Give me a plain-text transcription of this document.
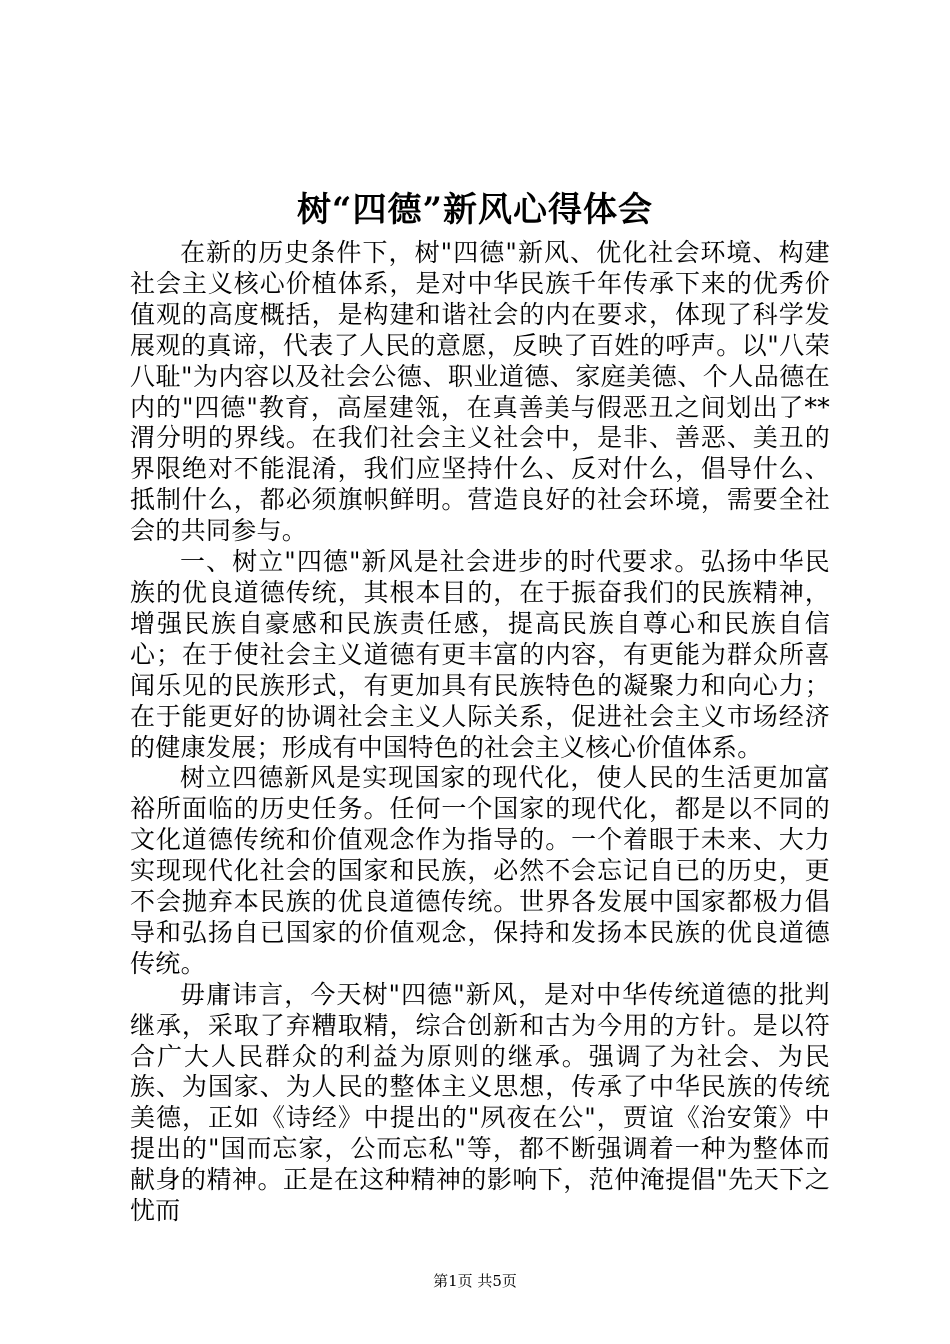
树“四德”新风心得体会

在新的历史条件下，树"四德"新风、优化社会环境、构建社会主义核心价植体系，是对中华民族千年传承下来的优秀价值观的高度概括，是构建和谐社会的内在要求，体现了科学发展观的真谛，代表了人民的意愿，反映了百姓的呼声。以"八荣八耻"为内容以及社会公德、职业道德、家庭美德、个人品德在内的"四德"教育，高屋建瓴，在真善美与假恶丑之间划出了**渭分明的界线。在我们社会主义社会中，是非、善恶、美丑的界限绝对不能混淆，我们应坚持什么、反对什么，倡导什么、抵制什么，都必须旗帜鲜明。营造良好的社会环境，需要全社会的共同参与。

一、树立"四德"新风是社会进步的时代要求。弘扬中华民族的优良道德传统，其根本目的，在于振奋我们的民族精神，增强民族自豪感和民族责任感，提高民族自尊心和民族自信心；在于使社会主义道德有更丰富的内容，有更能为群众所喜闻乐见的民族形式，有更加具有民族特色的凝聚力和向心力；在于能更好的协调社会主义人际关系，促进社会主义市场经济的健康发展；形成有中国特色的社会主义核心价值体系。

树立四德新风是实现国家的现代化，使人民的生活更加富裕所面临的历史任务。任何一个国家的现代化，都是以不同的文化道德传统和价值观念作为指导的。一个着眼于未来、大力实现现代化社会的国家和民族，必然不会忘记自已的历史，更不会抛弃本民族的优良道德传统。世界各发展中国家都极力倡导和弘扬自已国家的价值观念，保持和发扬本民族的优良道德传统。

毋庸讳言，今天树"四德"新风，是对中华传统道德的批判继承，采取了弃糟取精，综合创新和古为今用的方针。是以符合广大人民群众的利益为原则的继承。强调了为社会、为民族、为国家、为人民的整体主义思想，传承了中华民族的传统美德，正如《诗经》中提出的"夙夜在公"，贾谊《治安策》中提出的"国而忘家，公而忘私"等，都不断强调着一种为整体而献身的精神。正是在这种精神的影响下，范仲淹提倡"先天下之忧而

第1页 共5页
